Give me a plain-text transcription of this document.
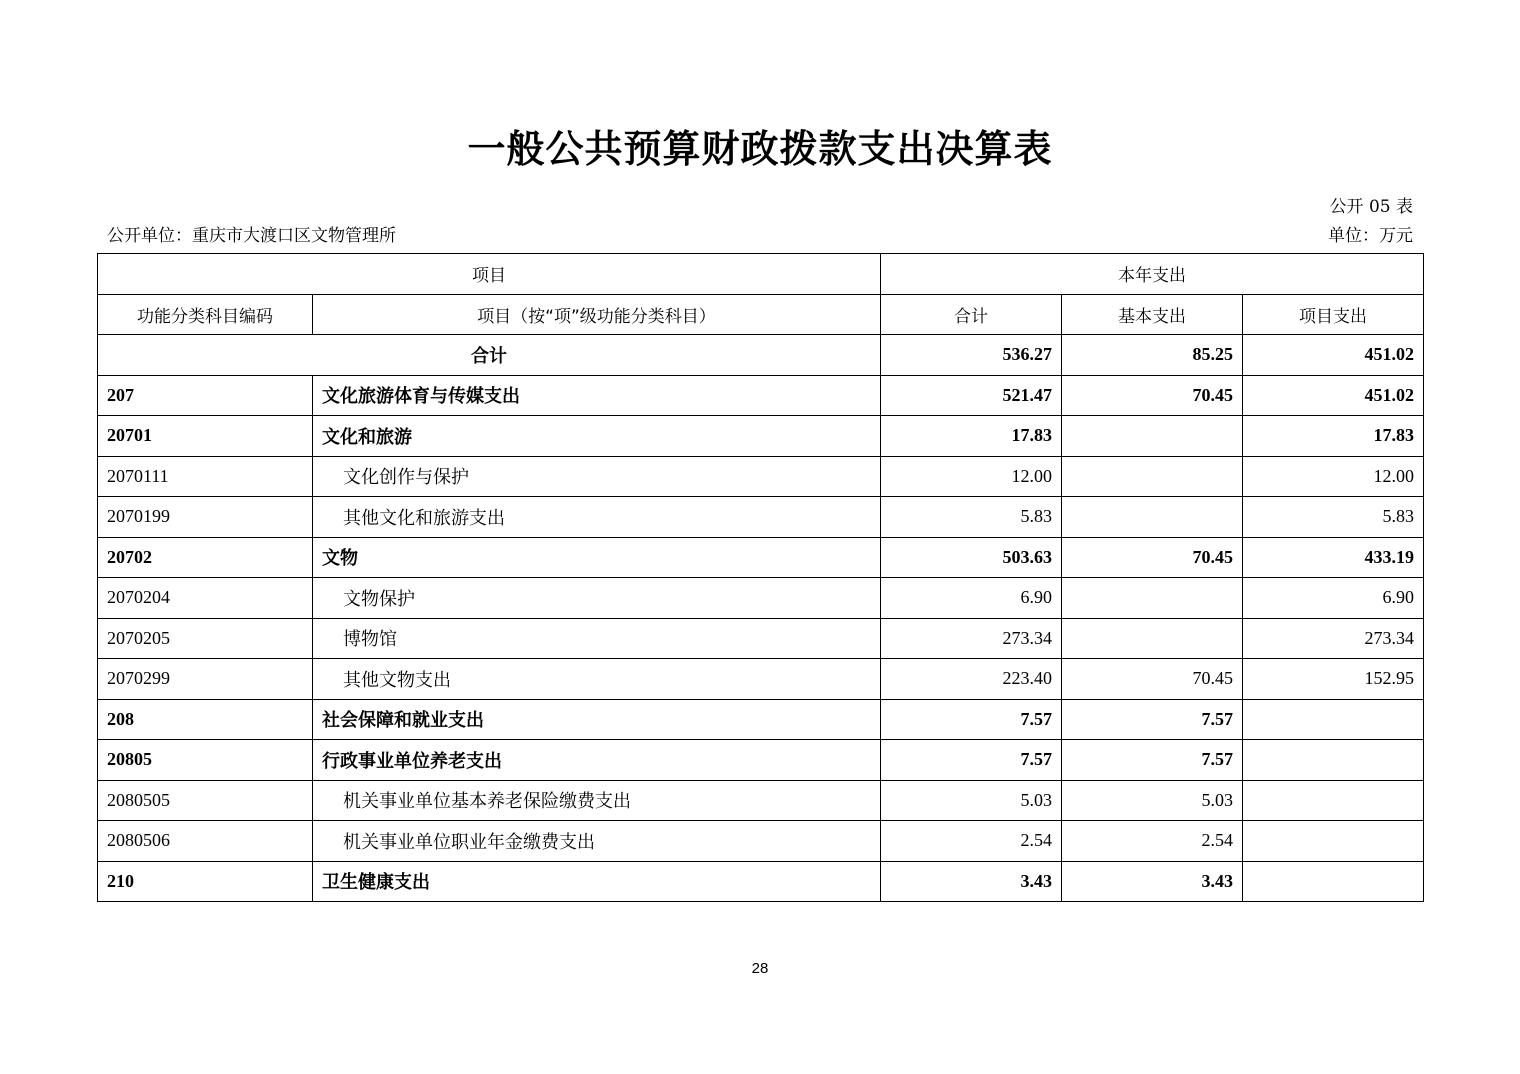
一般公共预算财政拨款支出决算表
公开 05 表
公开单位：重庆市大渡口区文物管理所	单位：万元
项目		本年支出		
功能分类科目编码	项目（按“项”级功能分类科目）	合计	基本支出	项目支出
合计		536.27	85.25	451.02
207	文化旅游体育与传媒支出	521.47	70.45	451.02
20701	文化和旅游	17.83		17.83
2070111	文化创作与保护	12.00		12.00
2070199	其他文化和旅游支出	5.83		5.83
20702	文物	503.63	70.45	433.19
2070204	文物保护	6.90		6.90
2070205	博物馆	273.34		273.34
2070299	其他文物支出	223.40	70.45	152.95
208	社会保障和就业支出	7.57	7.57	
20805	行政事业单位养老支出	7.57	7.57	
2080505	机关事业单位基本养老保险缴费支出	5.03	5.03	
2080506	机关事业单位职业年金缴费支出	2.54	2.54	
210	卫生健康支出	3.43	3.43	
28
